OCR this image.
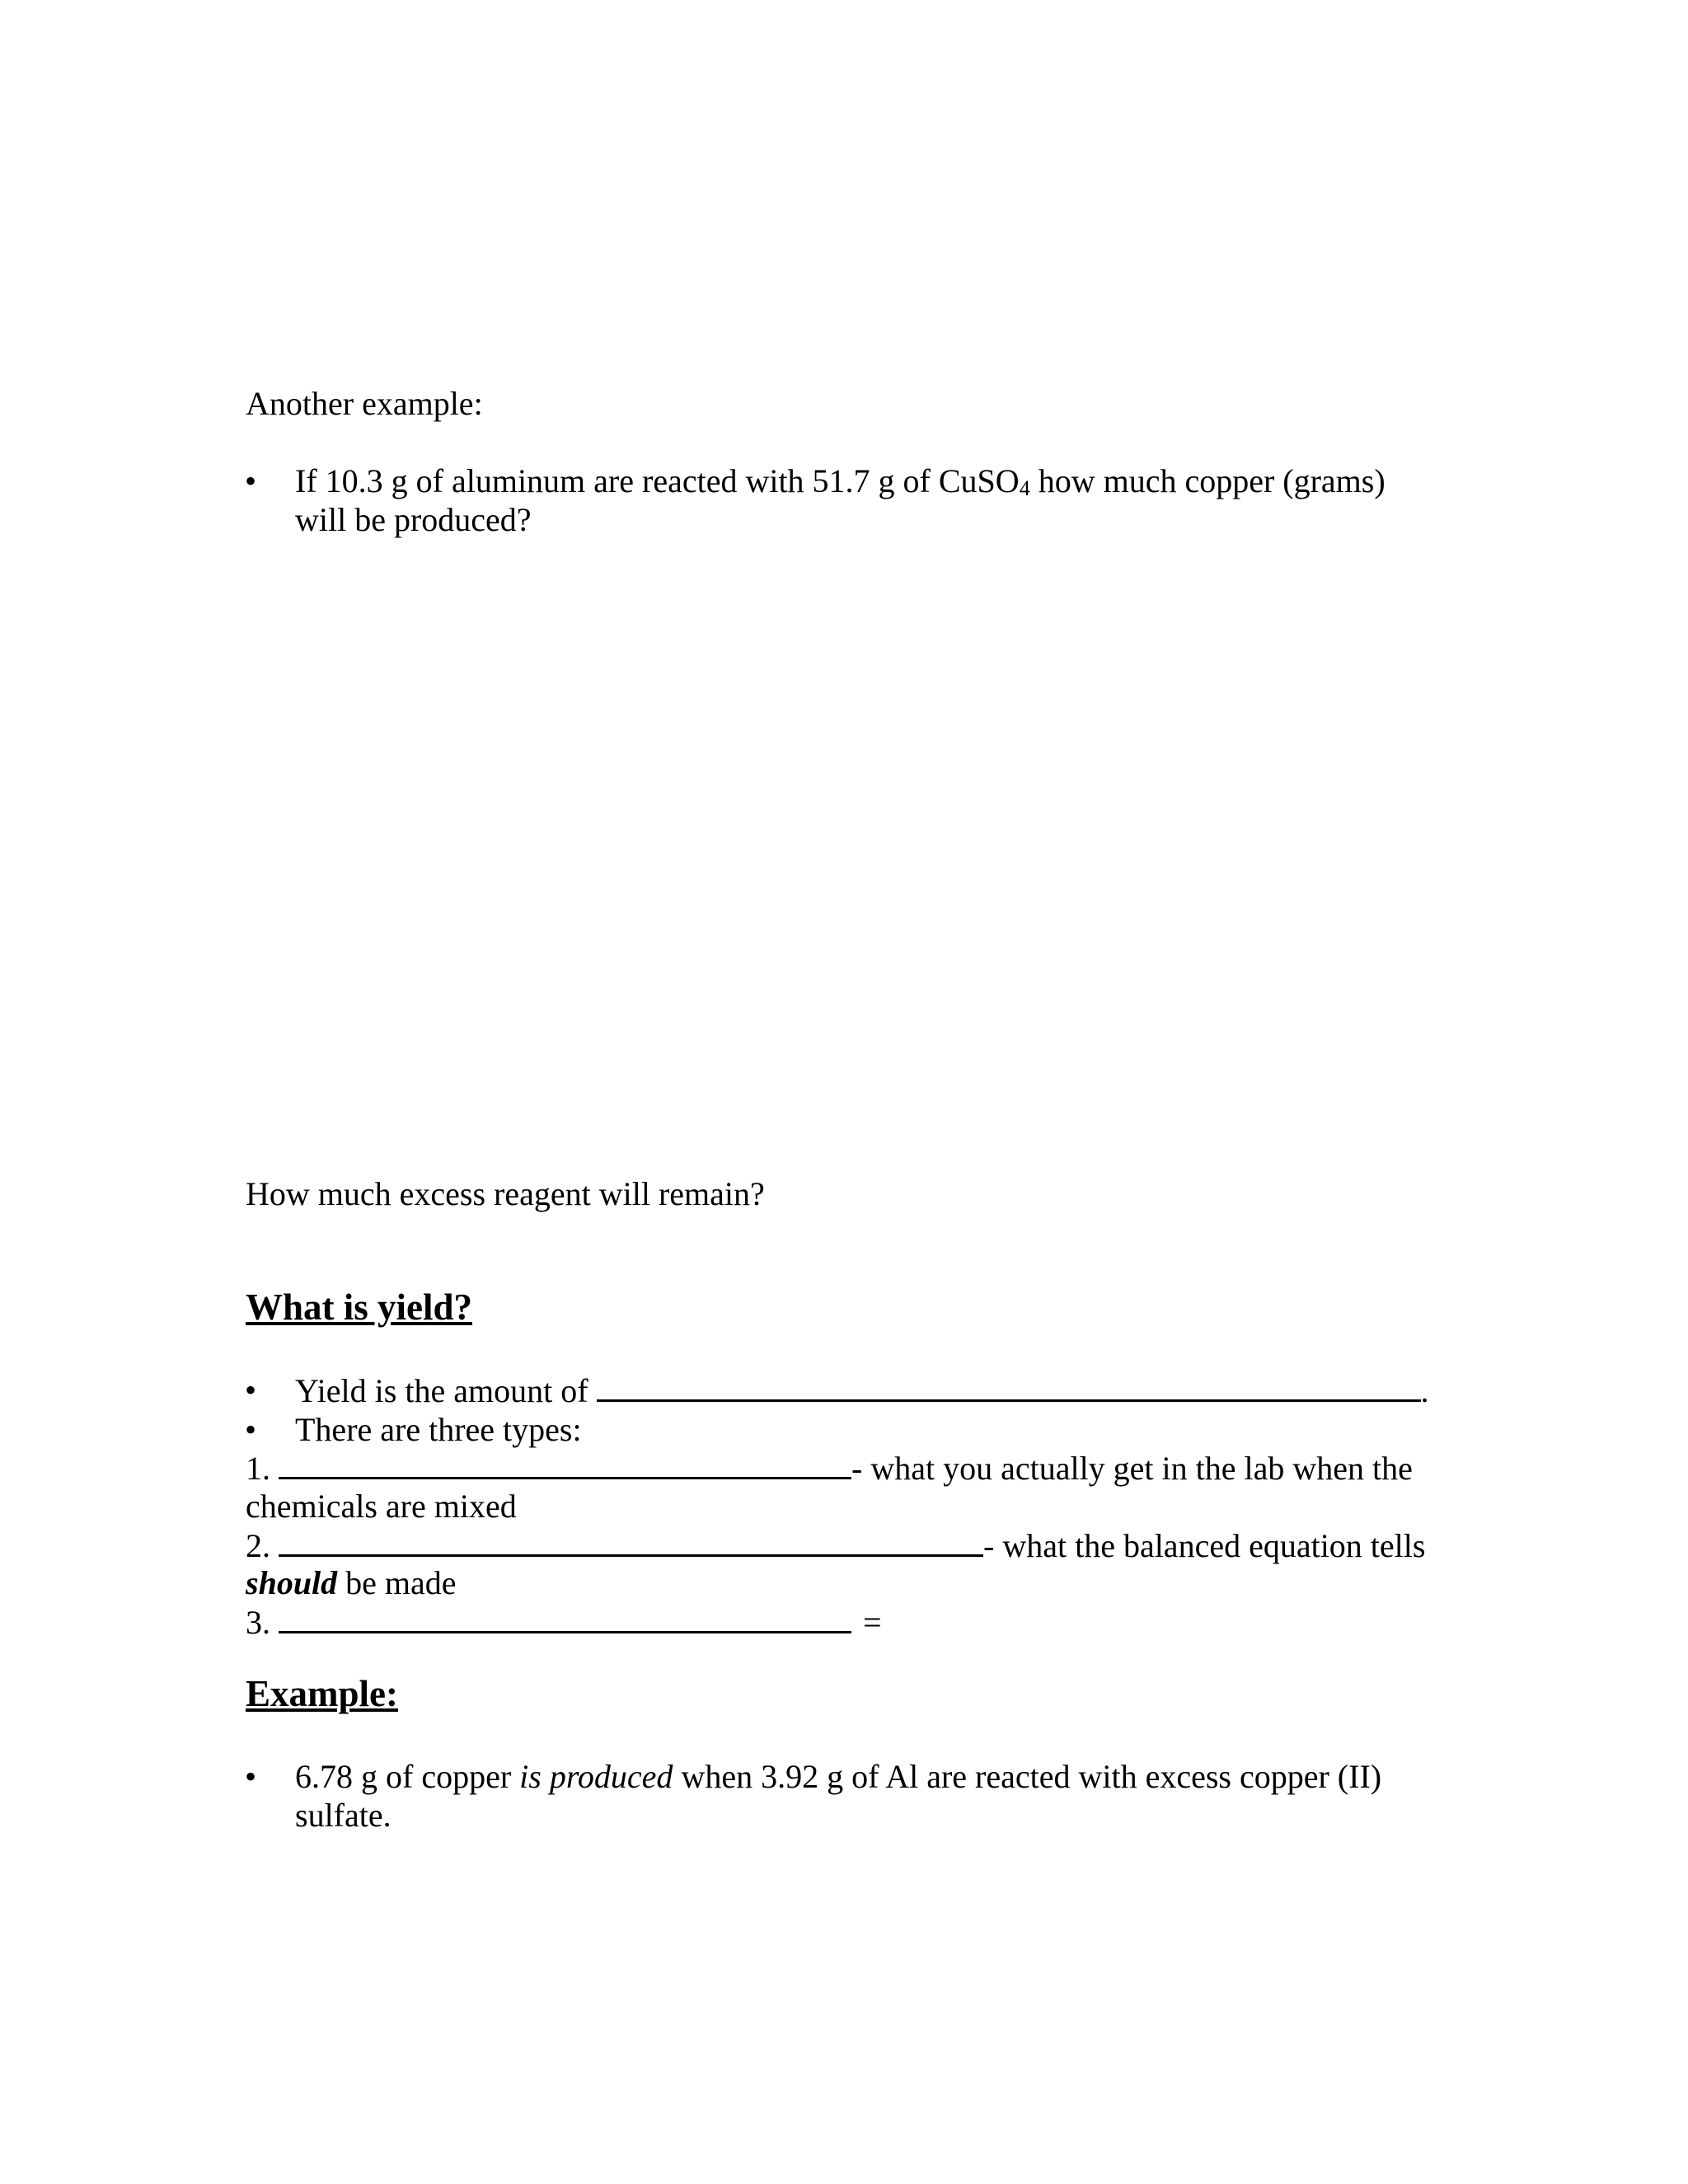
Another example:
• If 10.3 g of aluminum are reacted with 51.7 g of CuSO$_4$ how much copper (grams)
will be produced?
How much excess reagent will remain?
What is yield?
• Yield is the amount of	.
• There are three types:
1.	- what you actually get in the lab when the
chemicals are mixed
2.	- what the balanced equation tells
should be made
3.	=
Example:
• 6.78 g of copper is produced when 3.92 g of Al are reacted with excess copper (II)
sulfate.
